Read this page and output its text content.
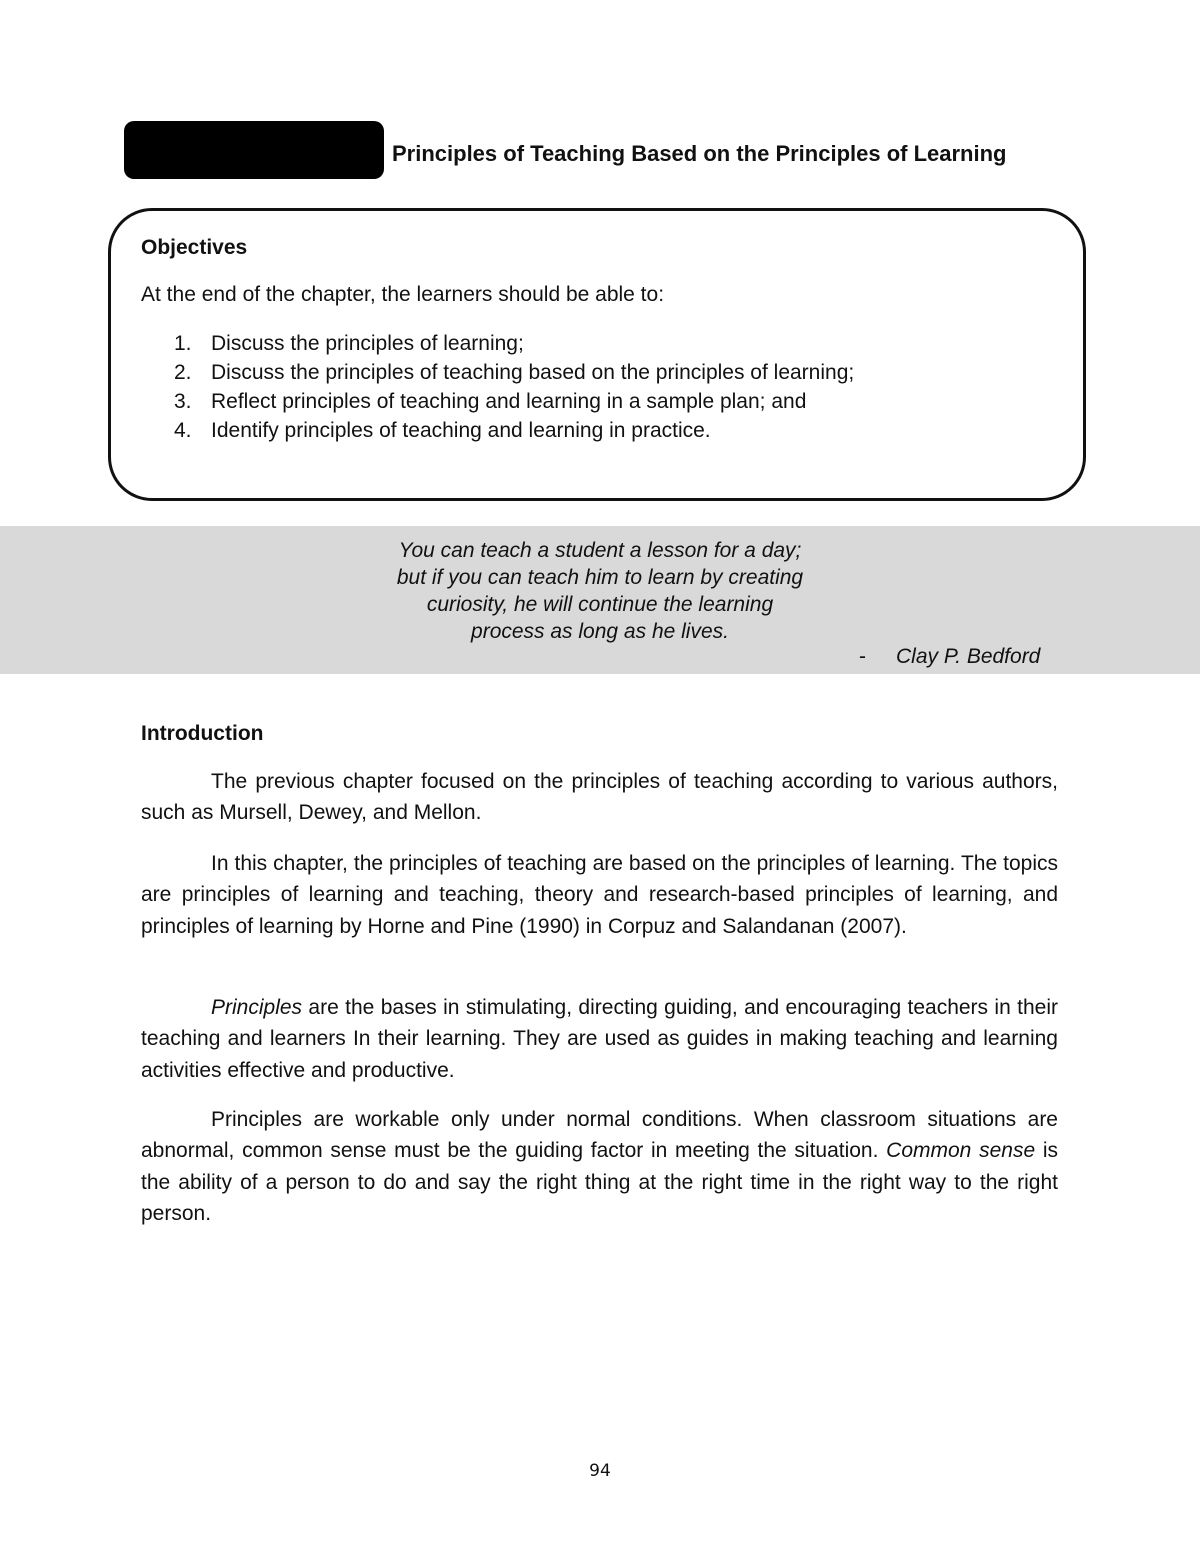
Principles of Teaching Based on the Principles of Learning
Objectives
At the end of the chapter, the learners should be able to:
1. Discuss the principles of learning;
2. Discuss the principles of teaching based on the principles of learning;
3. Reflect principles of teaching and learning in a sample plan; and
4. Identify principles of teaching and learning in practice.
You can teach a student a lesson for a day;
but if you can teach him to learn by creating
curiosity, he will continue the learning
process as long as he lives.
- Clay P. Bedford
Introduction

The previous chapter focused on the principles of teaching according to various authors, such as Mursell, Dewey, and Mellon.

In this chapter, the principles of teaching are based on the principles of learning. The topics are principles of learning and teaching, theory and research-based principles of learning, and principles of learning by Horne and Pine (1990) in Corpuz and Salandanan (2007).

Principles are the bases in stimulating, directing guiding, and encouraging teachers in their teaching and learners In their learning. They are used as guides in making teaching and learning activities effective and productive.

Principles are workable only under normal conditions. When classroom situations are abnormal, common sense must be the guiding factor in meeting the situation. Common sense is the ability of a person to do and say the right thing at the right time in the right way to the right person.

94
